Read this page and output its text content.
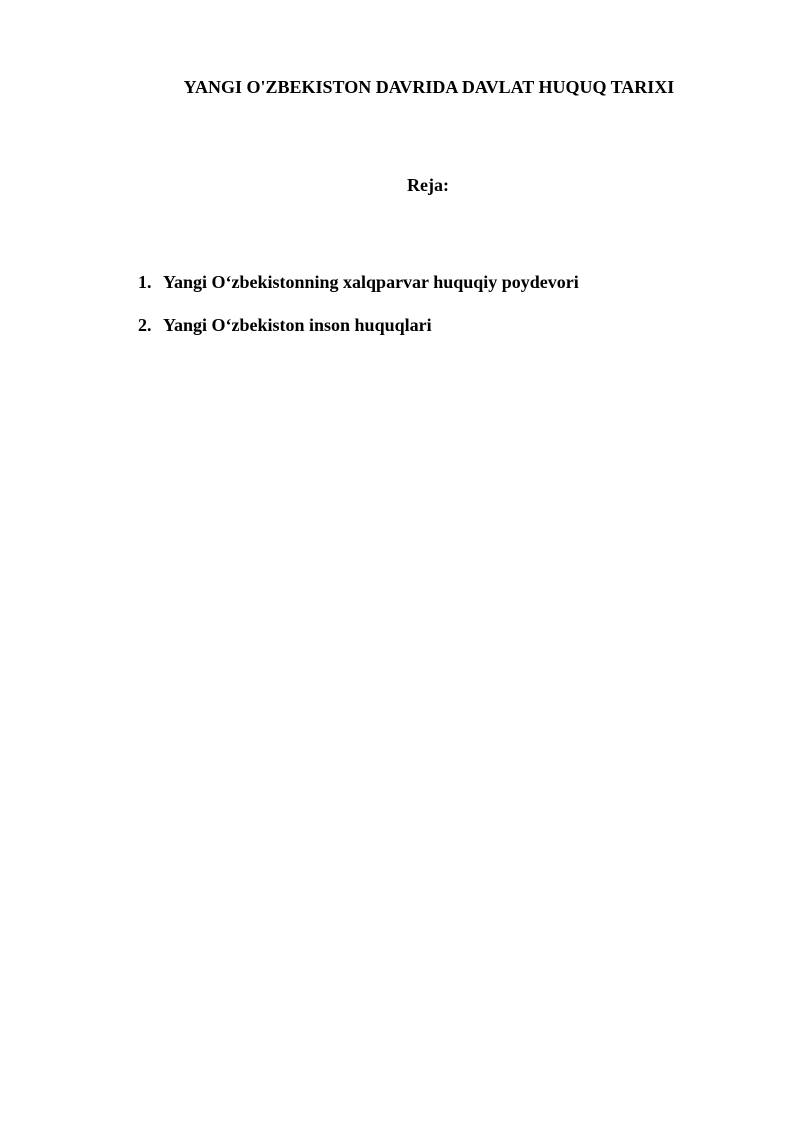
YANGI O'ZBEKISTON DAVRIDA DAVLAT HUQUQ TARIXI
Reja:
1. Yangi O‘zbekistonning xalqparvar huquqiy poydevori
2. Yangi O‘zbekiston inson huquqlari
